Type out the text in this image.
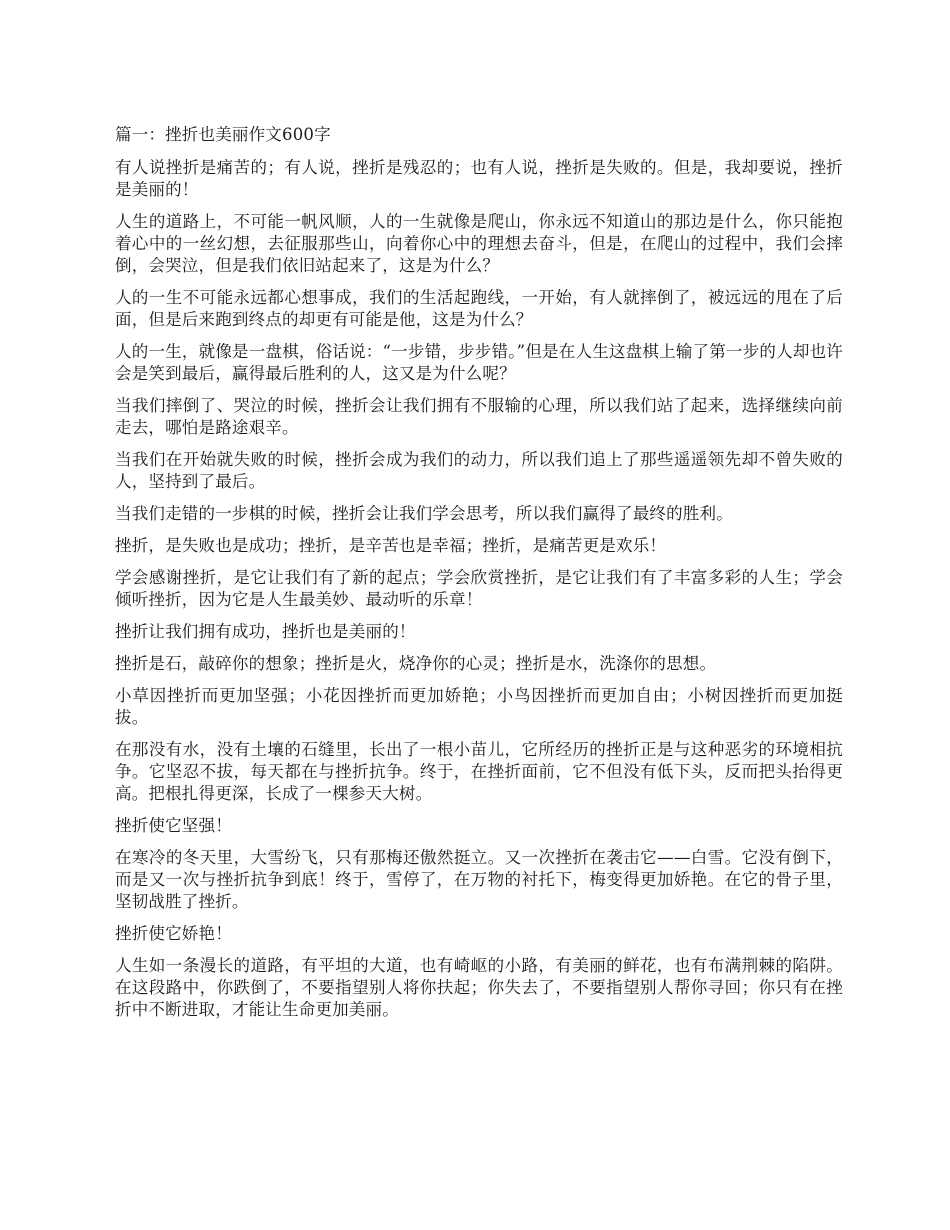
篇一：挫折也美丽作文600字

有人说挫折是痛苦的；有人说，挫折是残忍的；也有人说，挫折是失败的。但是，我却要说，挫折是美丽的！

人生的道路上，不可能一帆风顺，人的一生就像是爬山，你永远不知道山的那边是什么，你只能抱着心中的一丝幻想，去征服那些山，向着你心中的理想去奋斗，但是，在爬山的过程中，我们会摔倒，会哭泣，但是我们依旧站起来了，这是为什么？

人的一生不可能永远都心想事成，我们的生活起跑线，一开始，有人就摔倒了，被远远的甩在了后面，但是后来跑到终点的却更有可能是他，这是为什么？

人的一生，就像是一盘棋，俗话说：“一步错，步步错。”但是在人生这盘棋上输了第一步的人却也许会是笑到最后，赢得最后胜利的人，这又是为什么呢？

当我们摔倒了、哭泣的时候，挫折会让我们拥有不服输的心理，所以我们站了起来，选择继续向前走去，哪怕是路途艰辛。

当我们在开始就失败的时候，挫折会成为我们的动力，所以我们追上了那些遥遥领先却不曾失败的人，坚持到了最后。

当我们走错的一步棋的时候，挫折会让我们学会思考，所以我们赢得了最终的胜利。

挫折，是失败也是成功；挫折，是辛苦也是幸福；挫折，是痛苦更是欢乐！

学会感谢挫折，是它让我们有了新的起点；学会欣赏挫折，是它让我们有了丰富多彩的人生；学会倾听挫折，因为它是人生最美妙、最动听的乐章！

挫折让我们拥有成功，挫折也是美丽的！

挫折是石，敲碎你的想象；挫折是火，烧净你的心灵；挫折是水，洗涤你的思想。

小草因挫折而更加坚强；小花因挫折而更加娇艳；小鸟因挫折而更加自由；小树因挫折而更加挺拔。

在那没有水，没有土壤的石缝里，长出了一根小苗儿，它所经历的挫折正是与这种恶劣的环境相抗争。它坚忍不拔，每天都在与挫折抗争。终于，在挫折面前，它不但没有低下头，反而把头抬得更高。把根扎得更深，长成了一棵参天大树。

挫折使它坚强！

在寒冷的冬天里，大雪纷飞，只有那梅还傲然挺立。又一次挫折在袭击它——白雪。它没有倒下，而是又一次与挫折抗争到底！终于，雪停了，在万物的衬托下，梅变得更加娇艳。在它的骨子里，坚韧战胜了挫折。

挫折使它娇艳！

人生如一条漫长的道路，有平坦的大道，也有崎岖的小路，有美丽的鲜花，也有布满荆棘的陷阱。在这段路中，你跌倒了，不要指望别人将你扶起；你失去了，不要指望别人帮你寻回；你只有在挫折中不断进取，才能让生命更加美丽。
